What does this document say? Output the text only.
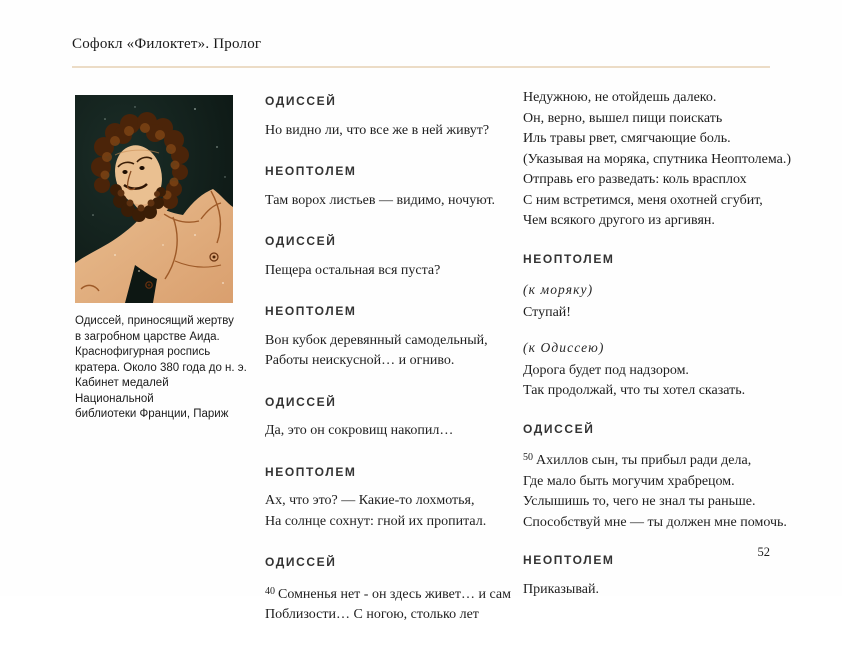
Софокл «Филоктет». Пролог
Одиссей, приносящий жертву
в загробном царстве Аида.
Краснофигурная роспись
кратера. Около 380 года до н. э.
Кабинет медалей Национальной
библиотеки Франции, Париж
ОДИССЕЙ
Но видно ли, что все же в ней живут?
НЕОПТОЛЕМ
Там ворох листьев — видимо, ночуют.
ОДИССЕЙ
Пещера остальная вся пуста?
НЕОПТОЛЕМ
Вон кубок деревянный самодельный,
Работы неискусной… и огниво.
ОДИССЕЙ
Да, это он сокровищ накопил…
НЕОПТОЛЕМ
Ах, что это? — Какие-то лохмотья,
На солнце сохнут: гной их пропитал.
ОДИССЕЙ
$^{40}$ Сомненья нет - он здесь живет… и сам
Поблизости… С ногою, столько лет
Недужною, не отойдешь далеко.
Он, верно, вышел пищи поискать
Иль травы рвет, смягчающие боль.
(Указывая на моряка, спутника Неоптолема.)
Отправь его разведать: коль врасплох
С ним встретимся, меня охотней сгубит,
Чем всякого другого из аргивян.
НЕОПТОЛЕМ
(к моряку)
Ступай!
(к Одиссею)
Дорога будет под надзором.
Так продолжай, что ты хотел сказать.
ОДИССЕЙ
$^{50}$ Ахиллов сын, ты прибыл ради дела,
Где мало быть могучим храбрецом.
Услышишь то, чего не знал ты раньше.
Способствуй мне — ты должен мне помочь.
НЕОПТОЛЕМ
Приказывай.
52
